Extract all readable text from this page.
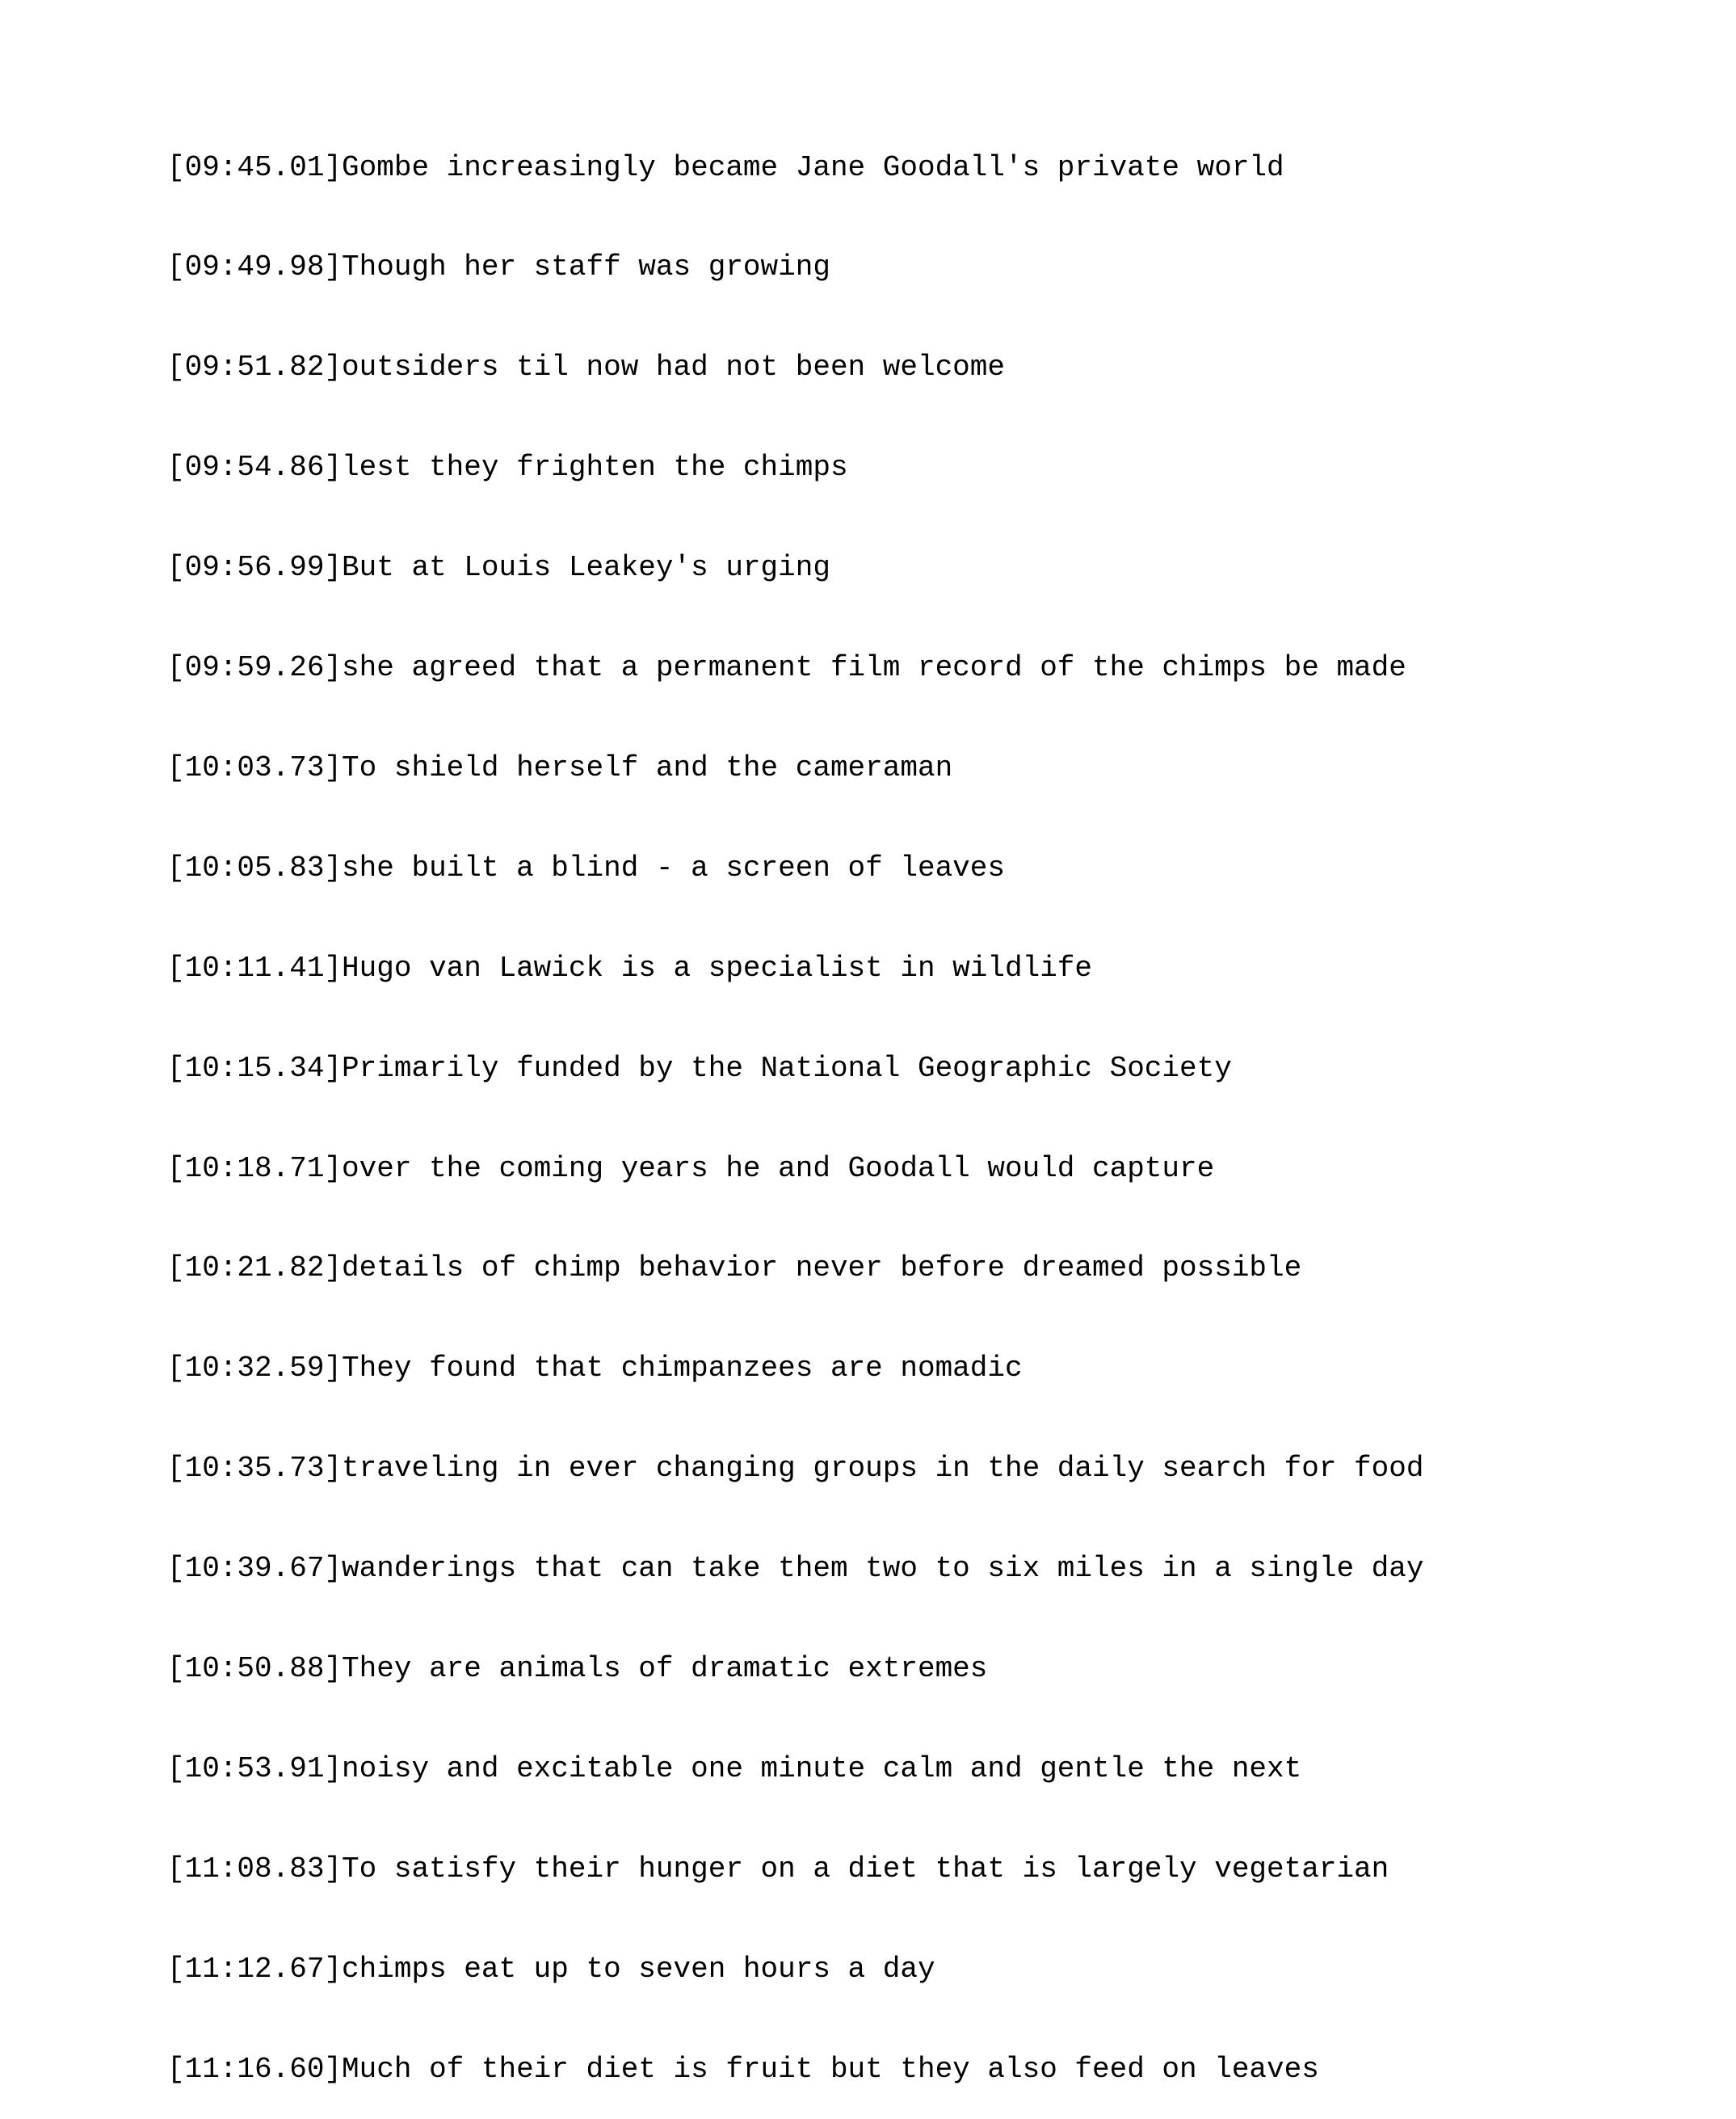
[09:45.01]Gombe increasingly became Jane Goodall's private world

[09:49.98]Though her staff was growing

[09:51.82]outsiders til now had not been welcome

[09:54.86]lest they frighten the chimps

[09:56.99]But at Louis Leakey's urging

[09:59.26]she agreed that a permanent film record of the chimps be made

[10:03.73]To shield herself and the cameraman

[10:05.83]she built a blind - a screen of leaves

[10:11.41]Hugo van Lawick is a specialist in wildlife

[10:15.34]Primarily funded by the National Geographic Society

[10:18.71]over the coming years he and Goodall would capture

[10:21.82]details of chimp behavior never before dreamed possible

[10:32.59]They found that chimpanzees are nomadic

[10:35.73]traveling in ever changing groups in the daily search for food

[10:39.67]wanderings that can take them two to six miles in a single day

[10:50.88]They are animals of dramatic extremes

[10:53.91]noisy and excitable one minute calm and gentle the next

[11:08.83]To satisfy their hunger on a diet that is largely vegetarian

[11:12.67]chimps eat up to seven hours a day

[11:16.60]Much of their diet is fruit but they also feed on leaves
